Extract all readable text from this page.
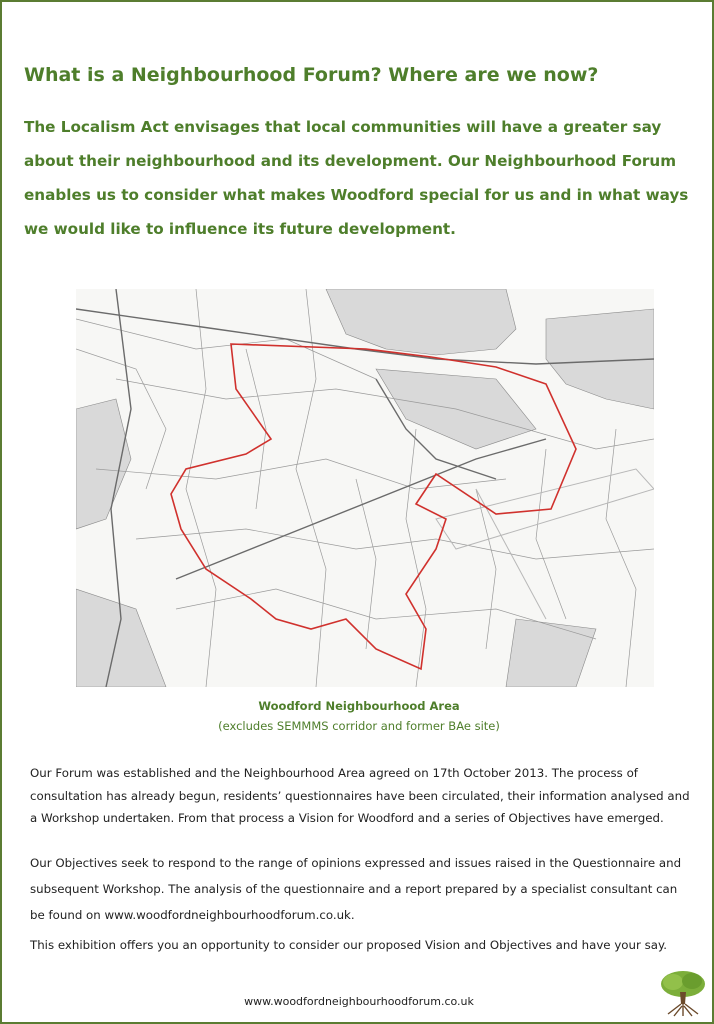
What is a Neighbourhood Forum? Where are we now?

The Localism Act envisages that local communities will have a greater say about their neighbourhood and its development. Our Neighbourhood Forum enables us to consider what makes Woodford special for us and in what ways we would like to influence its future development.

Woodford Neighbourhood Area
(excludes SEMMMS corridor and former BAe site)

Our Forum was established and the Neighbourhood Area agreed on 17th October 2013. The process of consultation has already begun, residents’ questionnaires have been circulated, their information analysed and a Workshop undertaken. From that process a Vision for Woodford and a series of Objectives have emerged.

Our Objectives seek to respond to the range of opinions expressed and issues raised in the Questionnaire and subsequent Workshop. The analysis of the questionnaire and a report prepared by a specialist consultant can be found on www.woodfordneighbourhoodforum.co.uk.

This exhibition offers you an opportunity to consider our proposed Vision and Objectives and have your say.

www.woodfordneighbourhoodforum.co.uk
